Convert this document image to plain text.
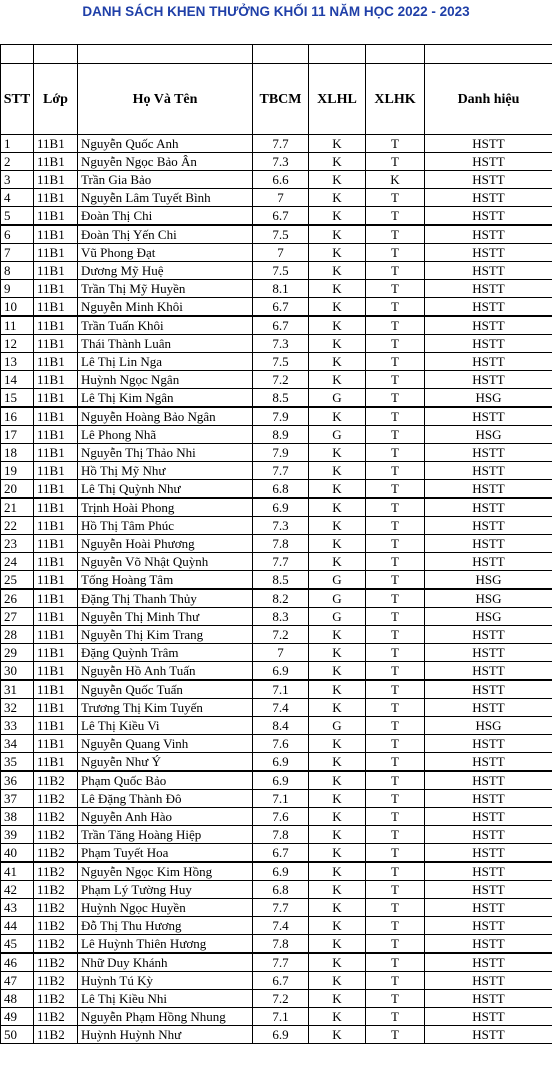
DANH SÁCH KHEN THƯỞNG KHỐI 11 NĂM HỌC 2022 - 2023

STT	Lớp	Họ Và Tên	TBCM	XLHL	XLHK	Danh hiệu
1	11B1	Nguyễn Quốc Anh	7.7	K	T	HSTT
2	11B1	Nguyễn Ngọc Bảo Ân	7.3	K	T	HSTT
3	11B1	Trần Gia Bảo	6.6	K	K	HSTT
4	11B1	Nguyễn Lâm Tuyết Bình	7	K	T	HSTT
5	11B1	Đoàn Thị Chi	6.7	K	T	HSTT
6	11B1	Đoàn Thị Yến Chi	7.5	K	T	HSTT
7	11B1	Vũ Phong Đạt	7	K	T	HSTT
8	11B1	Dương Mỹ Huệ	7.5	K	T	HSTT
9	11B1	Trần Thị Mỹ Huyền	8.1	K	T	HSTT
10	11B1	Nguyễn Minh Khôi	6.7	K	T	HSTT
11	11B1	Trần Tuấn Khôi	6.7	K	T	HSTT
12	11B1	Thái Thành Luân	7.3	K	T	HSTT
13	11B1	Lê Thị Lin Nga	7.5	K	T	HSTT
14	11B1	Huỳnh Ngọc Ngân	7.2	K	T	HSTT
15	11B1	Lê Thị Kim Ngân	8.5	G	T	HSG
16	11B1	Nguyễn Hoàng Bảo Ngân	7.9	K	T	HSTT
17	11B1	Lê Phong Nhã	8.9	G	T	HSG
18	11B1	Nguyễn Thị Thảo Nhi	7.9	K	T	HSTT
19	11B1	Hồ Thị Mỹ Như	7.7	K	T	HSTT
20	11B1	Lê Thị Quỳnh Như	6.8	K	T	HSTT
21	11B1	Trịnh Hoài Phong	6.9	K	T	HSTT
22	11B1	Hồ Thị Tâm Phúc	7.3	K	T	HSTT
23	11B1	Nguyễn Hoài Phương	7.8	K	T	HSTT
24	11B1	Nguyễn Võ Nhật Quỳnh	7.7	K	T	HSTT
25	11B1	Tống Hoàng Tâm	8.5	G	T	HSG
26	11B1	Đặng Thị Thanh Thủy	8.2	G	T	HSG
27	11B1	Nguyễn Thị Minh Thư	8.3	G	T	HSG
28	11B1	Nguyễn Thị Kim Trang	7.2	K	T	HSTT
29	11B1	Đặng Quỳnh Trâm	7	K	T	HSTT
30	11B1	Nguyễn Hồ Anh Tuấn	6.9	K	T	HSTT
31	11B1	Nguyễn Quốc Tuấn	7.1	K	T	HSTT
32	11B1	Trương Thị Kim Tuyến	7.4	K	T	HSTT
33	11B1	Lê Thị Kiều Vi	8.4	G	T	HSG
34	11B1	Nguyễn Quang Vinh	7.6	K	T	HSTT
35	11B1	Nguyễn Như Ý	6.9	K	T	HSTT
36	11B2	Phạm Quốc Bảo	6.9	K	T	HSTT
37	11B2	Lê Đặng Thành Đô	7.1	K	T	HSTT
38	11B2	Nguyễn Anh Hào	7.6	K	T	HSTT
39	11B2	Trần Tăng Hoàng Hiệp	7.8	K	T	HSTT
40	11B2	Phạm Tuyết Hoa	6.7	K	T	HSTT
41	11B2	Nguyễn Ngọc Kim Hồng	6.9	K	T	HSTT
42	11B2	Phạm Lý Tường Huy	6.8	K	T	HSTT
43	11B2	Huỳnh Ngọc Huyền	7.7	K	T	HSTT
44	11B2	Đỗ Thị Thu Hương	7.4	K	T	HSTT
45	11B2	Lê Huỳnh Thiên Hương	7.8	K	T	HSTT
46	11B2	Nhữ Duy Khánh	7.7	K	T	HSTT
47	11B2	Huỳnh Tú Kỳ	6.7	K	T	HSTT
48	11B2	Lê Thị Kiều Nhi	7.2	K	T	HSTT
49	11B2	Nguyễn Phạm Hồng Nhung	7.1	K	T	HSTT
50	11B2	Huỳnh Huỳnh Như	6.9	K	T	HSTT
